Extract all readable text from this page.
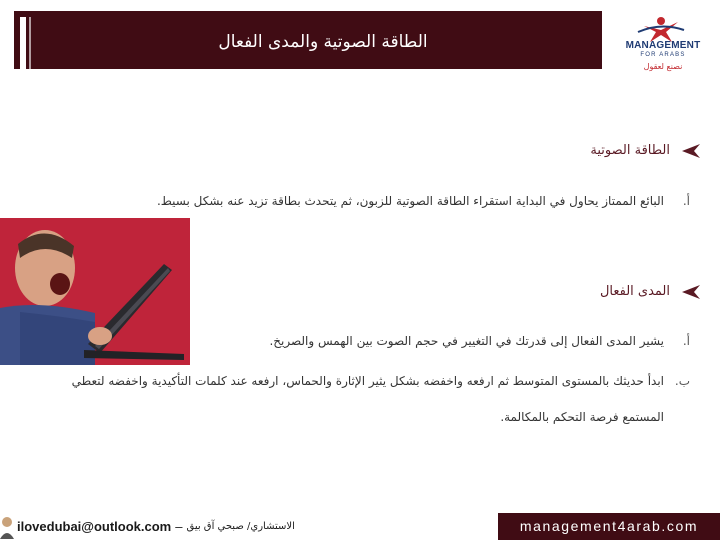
الطاقة الصوتية والمدى الفعال	MANAGEMENT
FOR ARABS
نصنع لعقول
الطاقة الصوتية
أ.
البائع الممتاز يحاول في البداية استقراء الطاقة الصوتية للزبون، ثم يتحدث بطاقة تزيد عنه بشكل بسيط.
المدى الفعال
أ.
يشير المدى الفعال إلى قدرتك في التغيير في حجم الصوت بين الهمس والصريخ.
ب.
ابدأ حديثك بالمستوى المتوسط ثم ارفعه واخفضه بشكل يثير الإثارة والحماس، ارفعه عند كلمات التأكيدية واخفضه لتعطي
المستمع فرصة التحكم بالمكالمة.
ilovedubai@outlook.com – الاستشاري/ صبحي آق بيق	management4arab.com
